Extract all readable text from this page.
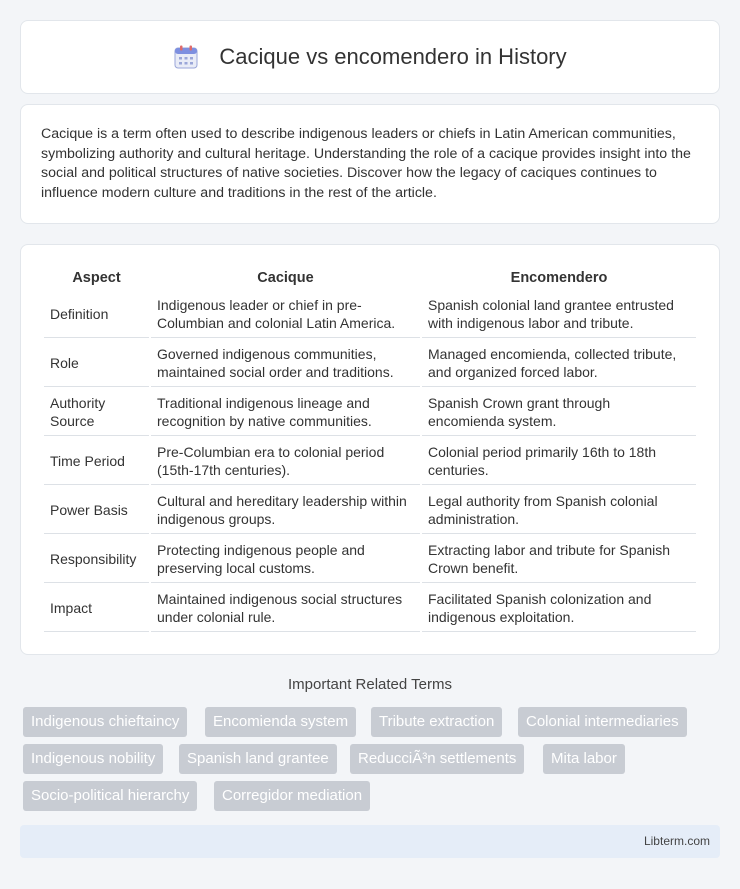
Cacique vs encomendero in History

Cacique is a term often used to describe indigenous leaders or chiefs in Latin American communities, symbolizing authority and cultural heritage. Understanding the role of a cacique provides insight into the social and political structures of native societies. Discover how the legacy of caciques continues to influence modern culture and traditions in the rest of the article.

Aspect	Cacique	Encomendero
Definition	Indigenous leader or chief in pre-Columbian and colonial Latin America.	Spanish colonial land grantee entrusted with indigenous labor and tribute.
Role	Governed indigenous communities, maintained social order and traditions.	Managed encomienda, collected tribute, and organized forced labor.
Authority Source	Traditional indigenous lineage and recognition by native communities.	Spanish Crown grant through encomienda system.
Time Period	Pre-Columbian era to colonial period (15th-17th centuries).	Colonial period primarily 16th to 18th centuries.
Power Basis	Cultural and hereditary leadership within indigenous groups.	Legal authority from Spanish colonial administration.
Responsibility	Protecting indigenous people and preserving local customs.	Extracting labor and tribute for Spanish Crown benefit.
Impact	Maintained indigenous social structures under colonial rule.	Facilitated Spanish colonization and indigenous exploitation.
Important Related Terms
Indigenous chieftaincy	Encomienda system	Tribute extraction	Colonial intermediaries
Indigenous nobility	Spanish land grantee	ReducciÃ³n settlements	Mita labor
Socio-political hierarchy	Corregidor mediation
Libterm.com
